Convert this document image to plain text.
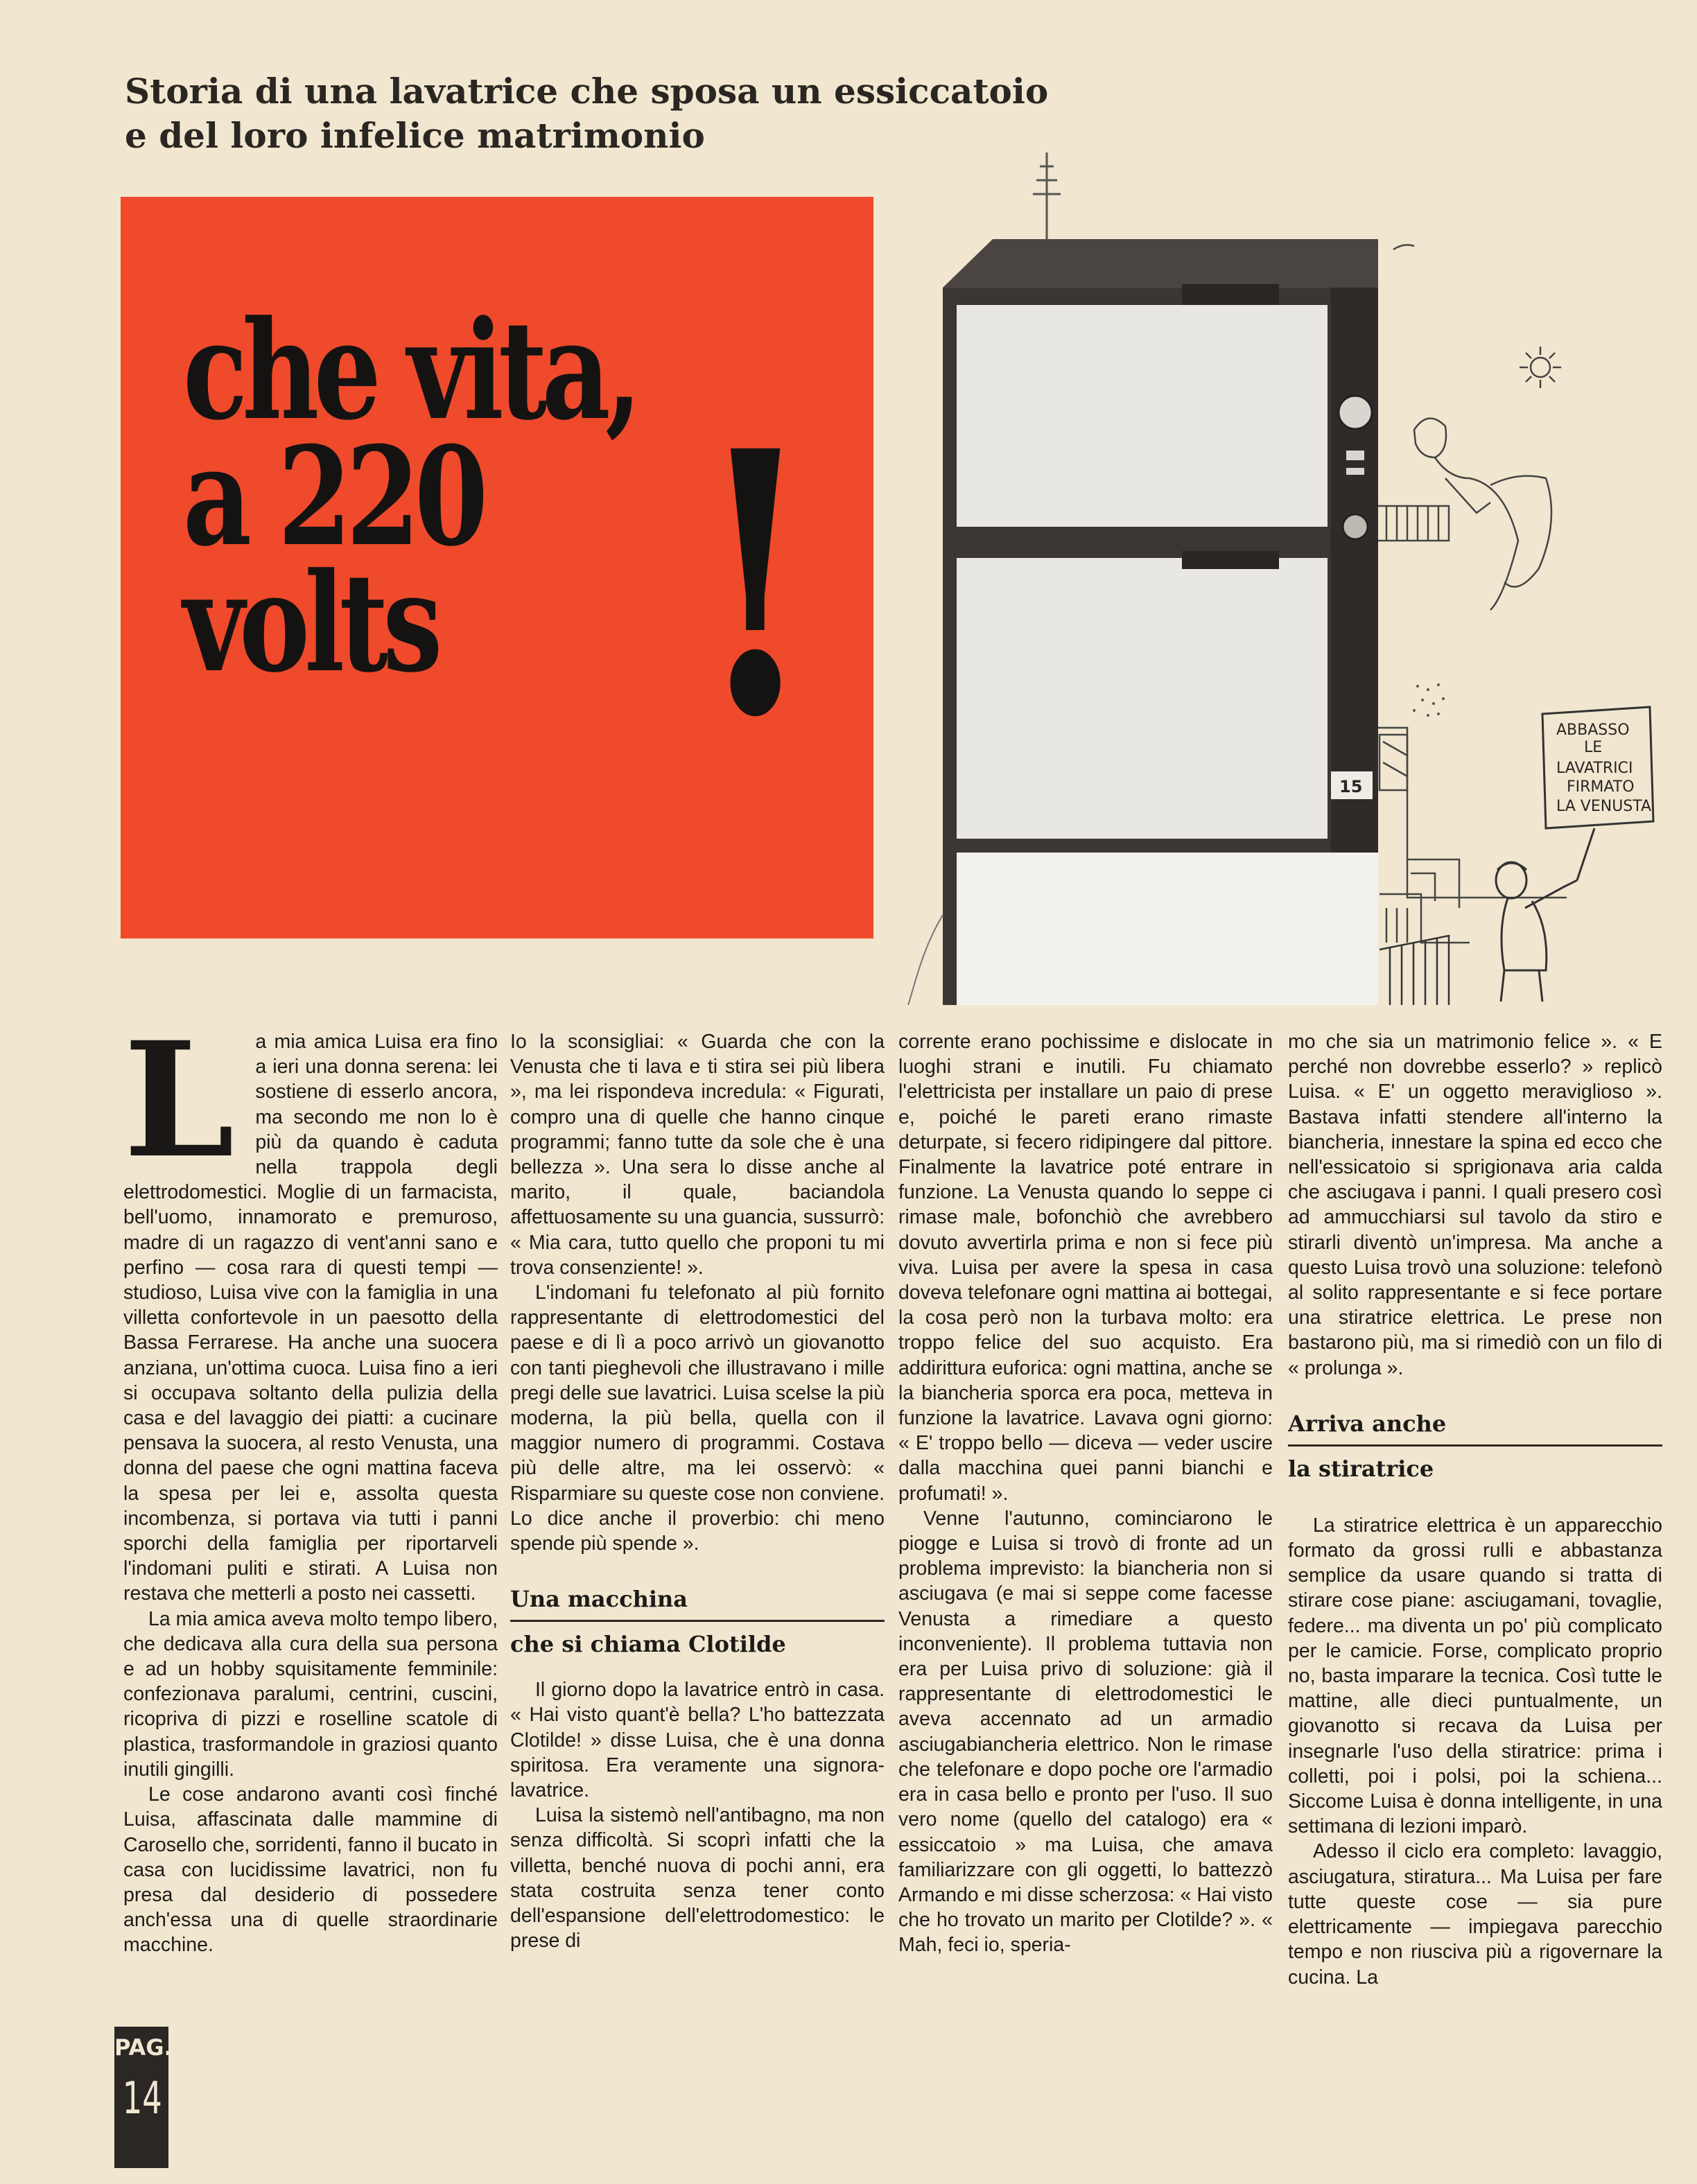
Storia di una lavatrice che sposa un essiccatoio
e del loro infelice matrimonio
che vita,
a 220
volts !	15
ABBASSO
LE
LAVATRICI
FIRMATO
LA VENUSTA
L	a mia amica Luisa era fino a ieri una donna serena: lei sostiene di esserlo ancora, ma secondo me non lo è più da quando è caduta nella trappola degli elettrodomestici. Moglie di un farmacista, bell'uomo, innamorato e premuroso, madre di un ragazzo di vent'anni sano e perfino — cosa rara di questi tempi — studioso, Luisa vive con la famiglia in una villetta confortevole in un paesotto della Bassa Ferrarese. Ha anche una suocera anziana, un'ottima cuoca. Luisa fino a ieri si occupava soltanto della pulizia della casa e del lavaggio dei piatti: a cucinare pensava la suocera, al resto Venusta, una donna del paese che ogni mattina faceva la spesa per lei e, assolta questa incombenza, si portava via tutti i panni sporchi della famiglia per riportarveli l'indomani puliti e stirati. A Luisa non restava che metterli a posto nei cassetti.

La mia amica aveva molto tempo libero, che dedicava alla cura della sua persona e ad un hobby squisitamente femminile: confezionava paralumi, centrini, cuscini, ricopriva di pizzi e roselline scatole di plastica, trasformandole in graziosi quanto inutili gingilli.

Le cose andarono avanti così finché Luisa, affascinata dalle mammine di Carosello che, sorridenti, fanno il bucato in casa con lucidissime lavatrici, non fu presa dal desiderio di possedere anch'essa una di quelle straordinarie macchine.

Io la sconsigliai: « Guarda che con la Venusta che ti lava e ti stira sei più libera », ma lei rispondeva incredula: « Figurati, compro una di quelle che hanno cinque programmi; fanno tutte da sole che è una bellezza ». Una sera lo disse anche al marito, il quale, baciandola affettuosamente su una guancia, sussurrò: « Mia cara, tutto quello che proponi tu mi trova consenziente! ».

L'indomani fu telefonato al più fornito rappresentante di elettrodomestici del paese e di lì a poco arrivò un giovanotto con tanti pieghevoli che illustravano i mille pregi delle sue lavatrici. Luisa scelse la più moderna, la più bella, quella con il maggior numero di programmi. Costava più delle altre, ma lei osservò: « Risparmiare su queste cose non conviene. Lo dice anche il proverbio: chi meno spende più spende ».

Una macchina
che si chiama Clotilde

Il giorno dopo la lavatrice entrò in casa. « Hai visto quant'è bella? L'ho battezzata Clotilde! » disse Luisa, che è una donna spiritosa. Era veramente una signora-lavatrice.

Luisa la sistemò nell'antibagno, ma non senza difficoltà. Si scoprì infatti che la villetta, benché nuova di pochi anni, era stata costruita senza tener conto dell'espansione dell'elettrodomestico: le prese di

corrente erano pochissime e dislocate in luoghi strani e inutili. Fu chiamato l'elettricista per installare un paio di prese e, poiché le pareti erano rimaste deturpate, si fecero ridipingere dal pittore. Finalmente la lavatrice poté entrare in funzione. La Venusta quando lo seppe ci rimase male, bofonchiò che avrebbero dovuto avvertirla prima e non si fece più viva. Luisa per avere la spesa in casa doveva telefonare ogni mattina ai bottegai, la cosa però non la turbava molto: era troppo felice del suo acquisto. Era addirittura euforica: ogni mattina, anche se la biancheria sporca era poca, metteva in funzione la lavatrice. Lavava ogni giorno: « E' troppo bello — diceva — veder uscire dalla macchina quei panni bianchi e profumati! ».

Venne l'autunno, cominciarono le piogge e Luisa si trovò di fronte ad un problema imprevisto: la biancheria non si asciugava (e mai si seppe come facesse Venusta a rimediare a questo inconveniente). Il problema tuttavia non era per Luisa privo di soluzione: già il rappresentante di elettrodomestici le aveva accennato ad un armadio asciugabiancheria elettrico. Non le rimase che telefonare e dopo poche ore l'armadio era in casa bello e pronto per l'uso. Il suo vero nome (quello del catalogo) era « essiccatoio » ma Luisa, che amava familiarizzare con gli oggetti, lo battezzò Armando e mi disse scherzosa: « Hai visto che ho trovato un marito per Clotilde? ». « Mah, feci io, speria-

mo che sia un matrimonio felice ». « E perché non dovrebbe esserlo? » replicò Luisa. « E' un oggetto meraviglioso ». Bastava infatti stendere all'interno la biancheria, innestare la spina ed ecco che nell'essicatoio si sprigionava aria calda che asciugava i panni. I quali presero così ad ammucchiarsi sul tavolo da stiro e stirarli diventò un'impresa. Ma anche a questo Luisa trovò una soluzione: telefonò al solito rappresentante e si fece portare una stiratrice elettrica. Le prese non bastarono più, ma si rimediò con un filo di « prolunga ».

Arriva anche
la stiratrice

La stiratrice elettrica è un apparecchio formato da grossi rulli e abbastanza semplice da usare quando si tratta di stirare cose piane: asciugamani, tovaglie, federe... ma diventa un po' più complicato per le camicie. Forse, complicato proprio no, basta imparare la tecnica. Così tutte le mattine, alle dieci puntualmente, un giovanotto si recava da Luisa per insegnarle l'uso della stiratrice: prima i colletti, poi i polsi, poi la schiena... Siccome Luisa è donna intelligente, in una settimana di lezioni imparò.

Adesso il ciclo era completo: lavaggio, asciugatura, stiratura... Ma Luisa per fare tutte queste cose — sia pure elettricamente — impiegava parecchio tempo e non riusciva più a rigovernare la cucina. La

PAG.
14
